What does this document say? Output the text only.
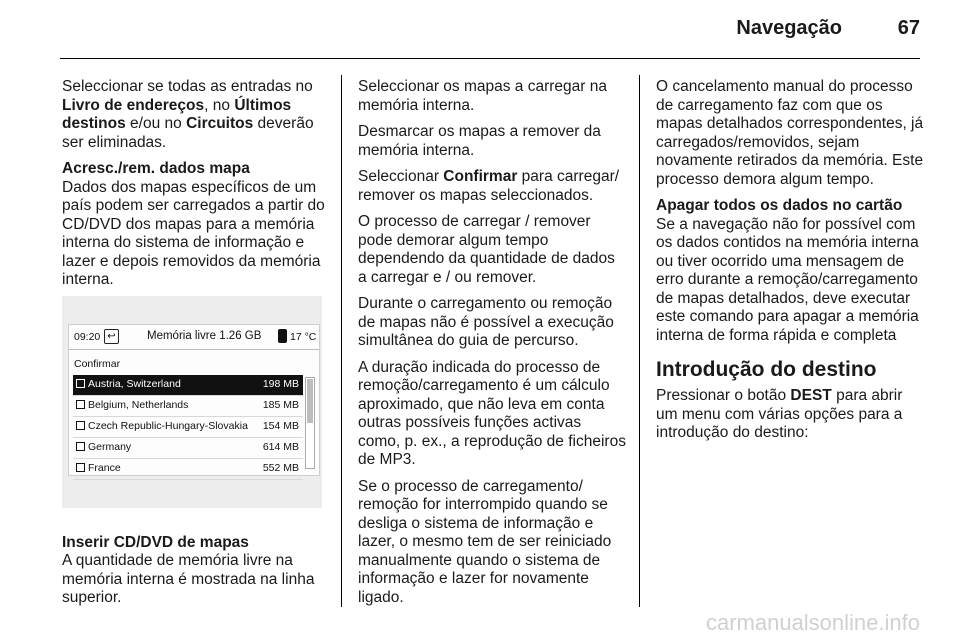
Navegação	67

Seleccionar se todas as entradas no Livro de endereços, no Últimos destinos e/ou no Circuitos deverão ser eliminadas.

Acresc./rem. dados mapa

Dados dos mapas específicos de um país podem ser carregados a partir do CD/DVD dos mapas para a memória interna do sistema de informação e lazer e depois removidos da memória interna.

Inserir CD/DVD de mapas

A quantidade de memória livre na memória interna é mostrada na linha superior.

09:20 ↩	Memória livre 1.26 GB	17 °C
Confirmar
Austria, Switzerland	198 MB
Belgium, Netherlands	185 MB
Czech Republic-Hungary-Slovakia 154 MB
Germany	614 MB
France	552 MB

Seleccionar os mapas a carregar na memória interna.

Desmarcar os mapas a remover da memória interna.

Seleccionar Confirmar para carregar/ remover os mapas seleccionados.

O processo de carregar / remover pode demorar algum tempo dependendo da quantidade de dados a carregar e / ou remover.

Durante o carregamento ou remoção de mapas não é possível a execução simultânea do guia de percurso.

A duração indicada do processo de remoção/carregamento é um cálculo aproximado, que não leva em conta outras possíveis funções activas como, p. ex., a reprodução de ficheiros de MP3.

Se o processo de carregamento/ remoção for interrompido quando se desliga o sistema de informação e lazer, o mesmo tem de ser reiniciado manualmente quando o sistema de informação e lazer for novamente ligado.

O cancelamento manual do processo de carregamento faz com que os mapas detalhados correspondentes, já carregados/removidos, sejam novamente retirados da memória. Este processo demora algum tempo.

Apagar todos os dados no cartão

Se a navegação não for possível com os dados contidos na memória interna ou tiver ocorrido uma mensagem de erro durante a remoção/carregamento de mapas detalhados, deve executar este comando para apagar a memória interna de forma rápida e completa

Introdução do destino

Pressionar o botão DEST para abrir um menu com várias opções para a introdução do destino:

carmanualsonline.info
